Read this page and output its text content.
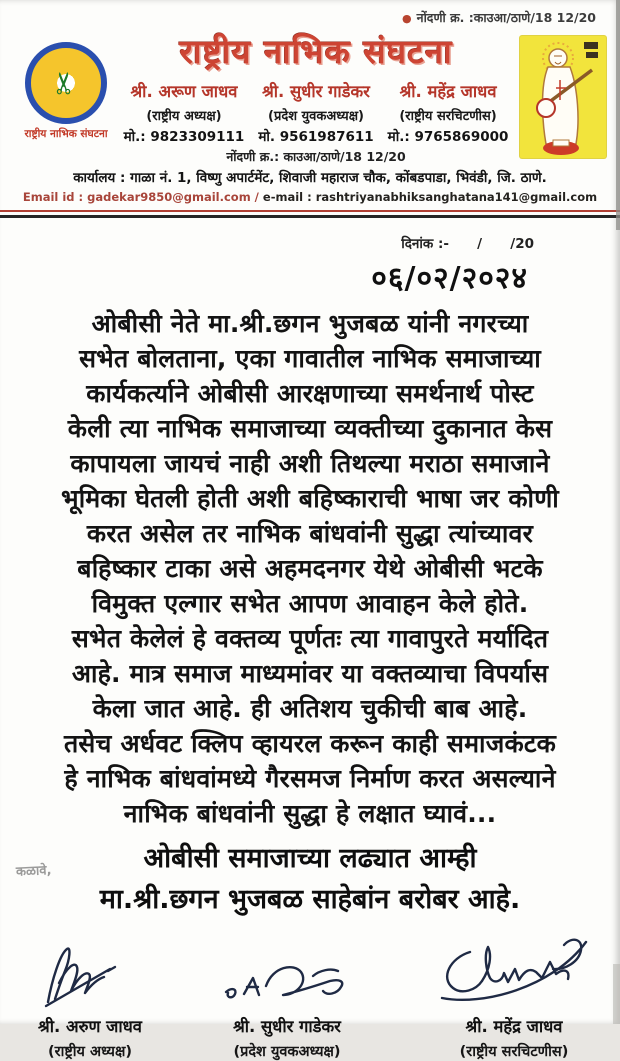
● नोंदणी क्र. :काउआ/ठाणे/18 12/20
✂
राष्ट्रीय नाभिक संघटना
राष्ट्रीय नाभिक संघटना
श्री. अरूण जाधव
(राष्ट्रीय अध्यक्ष)
मो.: 9823309111
श्री. सुधीर गाडेकर
(प्रदेश युवकअध्यक्ष)
मो. 9561987611
श्री. महेंद्र जाधव
(राष्ट्रीय सरचिटणीस)
मो.: 9765869000
नोंदणी क्र.: काउआ/ठाणे/18 12/20
कार्यालय : गाळा नं. 1, विष्णु अपार्टमेंट, शिवाजी महाराज चौक, कोंबडपाडा, भिवंडी, जि. ठाणे.
Email id : gadekar9850@gmail.com / e-mail : rashtriyanabhiksanghatana141@gmail.com
दिनांक :-      /      /20
०६/०२/२०२४
ओबीसी नेते मा.श्री.छगन भुजबळ यांनी नगरच्या
सभेत बोलताना, एका गावातील नाभिक समाजाच्या
कार्यकर्त्याने ओबीसी आरक्षणाच्या समर्थनार्थ पोस्ट
केली त्या नाभिक समाजाच्या व्यक्तीच्या दुकानात केस
कापायला जायचं नाही अशी तिथल्या मराठा समाजाने
भूमिका घेतली होती अशी बहिष्काराची भाषा जर कोणी
करत असेल तर नाभिक बांधवांनी सुद्धा त्यांच्यावर
बहिष्कार टाका असे अहमदनगर येथे ओबीसी भटके
विमुक्त एल्गार सभेत आपण आवाहन केले होते.
सभेत केलेलं हे वक्तव्य पूर्णतः त्या गावापुरते मर्यादित
आहे. मात्र समाज माध्यमांवर या वक्तव्याचा विपर्यास
केला जात आहे. ही अतिशय चुकीची बाब आहे.
तसेच अर्धवट क्लिप व्हायरल करून काही समाजकंटक
हे नाभिक बांधवांमध्ये गैरसमज निर्माण करत असल्याने
नाभिक बांधवांनी सुद्धा हे लक्षात घ्यावं...
ओबीसी समाजाच्या लढ्यात आम्ही
मा.श्री.छगन भुजबळ साहेबांन बरोबर आहे.
कळावे,
श्री. अरुण जाधव
(राष्ट्रीय अध्यक्ष)
श्री. सुधीर गाडेकर
(प्रदेश युवकअध्यक्ष)
श्री. महेंद्र जाधव
(राष्ट्रीय सरचिटणीस)
